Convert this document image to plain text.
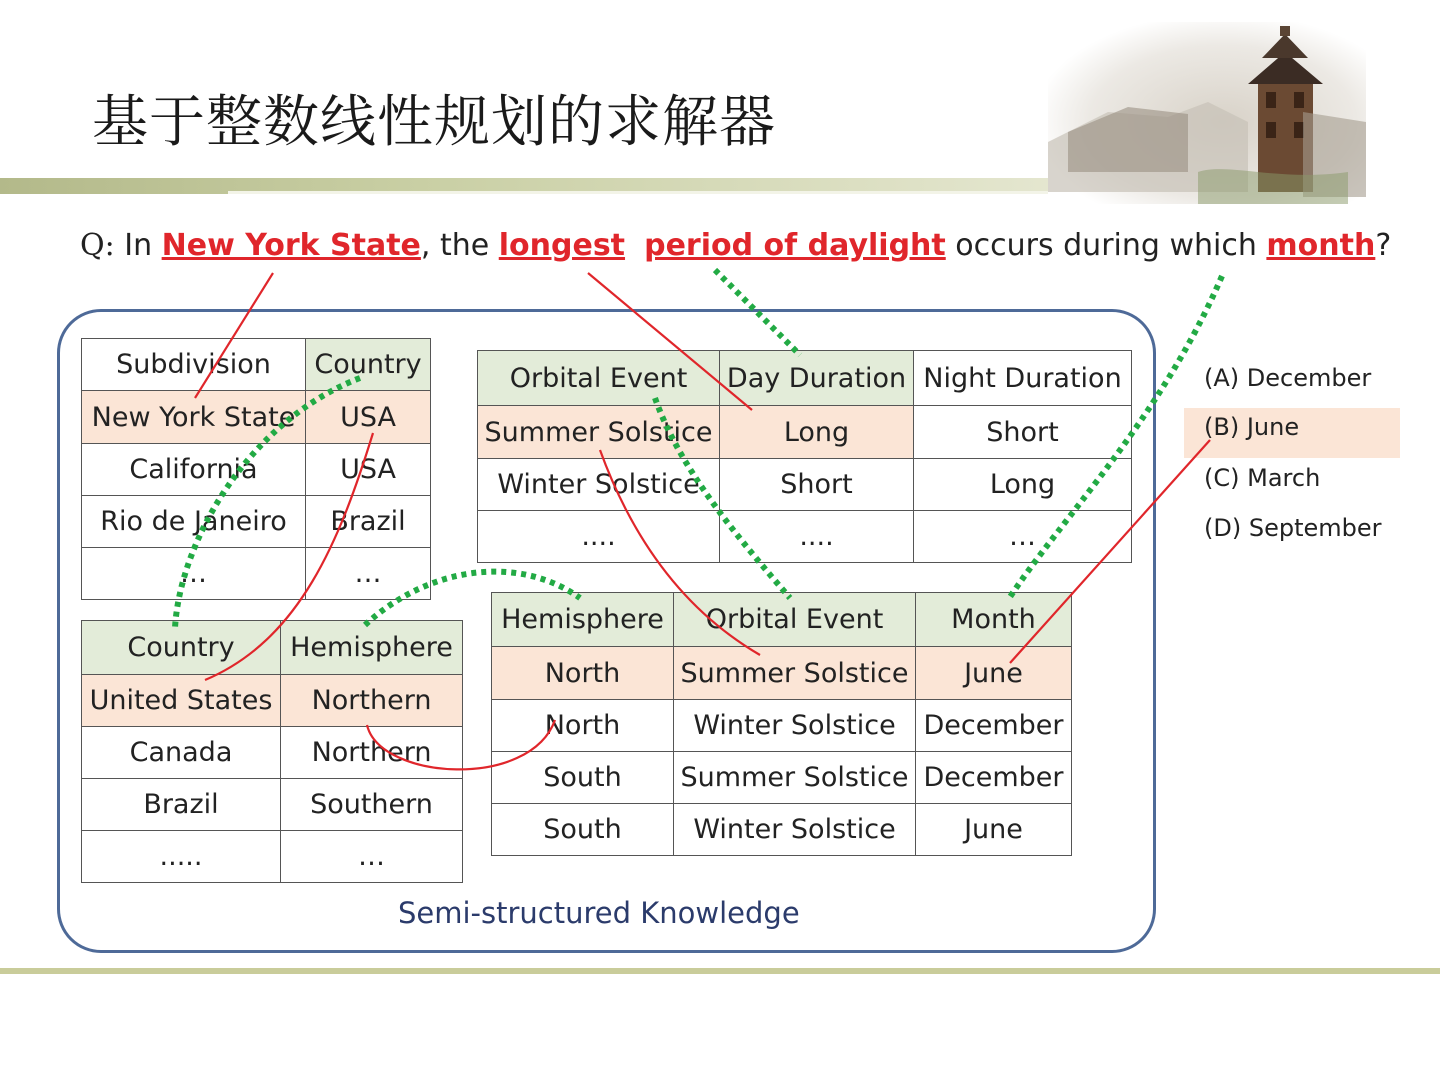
基于整数线性规划的求解器
Q: In New York State, the longest period of daylight occurs during which month?
Subdivision	Country
New York State	USA
California	USA
Rio de Janeiro	Brazil
…	…
Country	Hemisphere
United States	Northern
Canada	Northern
Brazil	Southern
.....	…
Orbital Event	Day Duration	Night Duration
Summer Solstice	Long	Short
Winter Solstice	Short	Long
....	....	…
Hemisphere	Orbital Event	Month
North	Summer Solstice	June
North	Winter Solstice	December
South	Summer Solstice	December
South	Winter Solstice	June
Semi-structured Knowledge
(A) December
(B) June
(C) March
(D) September
